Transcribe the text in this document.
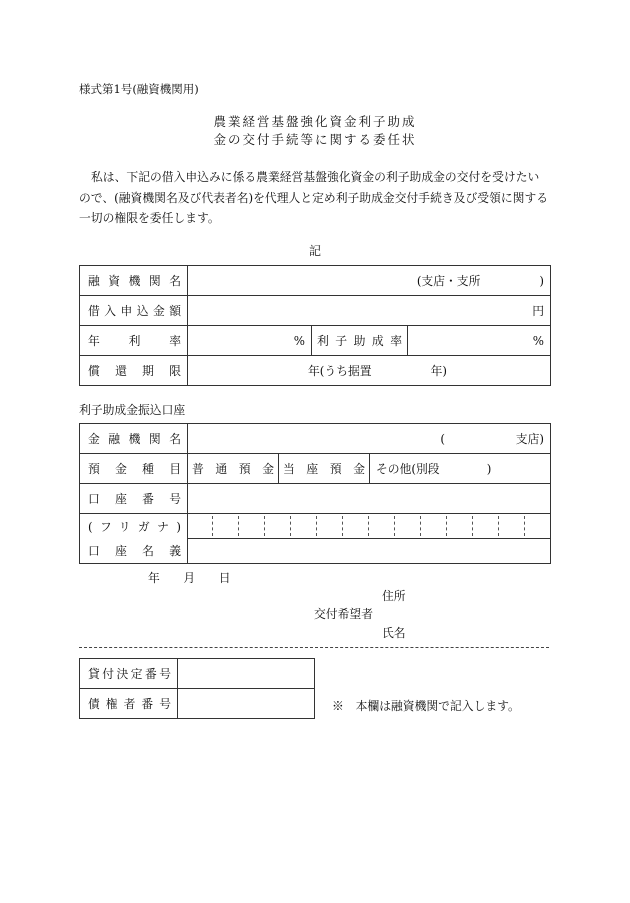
様式第1号(融資機関用)
農業経営基盤強化資金利子助成
金の交付手続等に関する委任状
私は、下記の借入申込みに係る農業経営基盤強化資金の利子助成金の交付を受けたいので、(融資機関名及び代表者名)を代理人と定め利子助成金交付手続き及び受領に関する一切の権限を委任します。
記
融資機関名	(支店・支所　　　　　)		

借入申込金額	円		

年　利　率	%	利子助成率	%

償還期限	年(うち据置　　　　　年)		
利子助成金振込口座
金融機関名	(　　　　　　支店)		

預金種目	普通預金	当座預金	その他(別段　　　　)

口座番号			

(フリガナ)			

口座名義			

年　　月　　日
住所
交付希望者
氏名
貸付決定番号	

債権者番号	
		※　本欄は融資機関で記入します。
